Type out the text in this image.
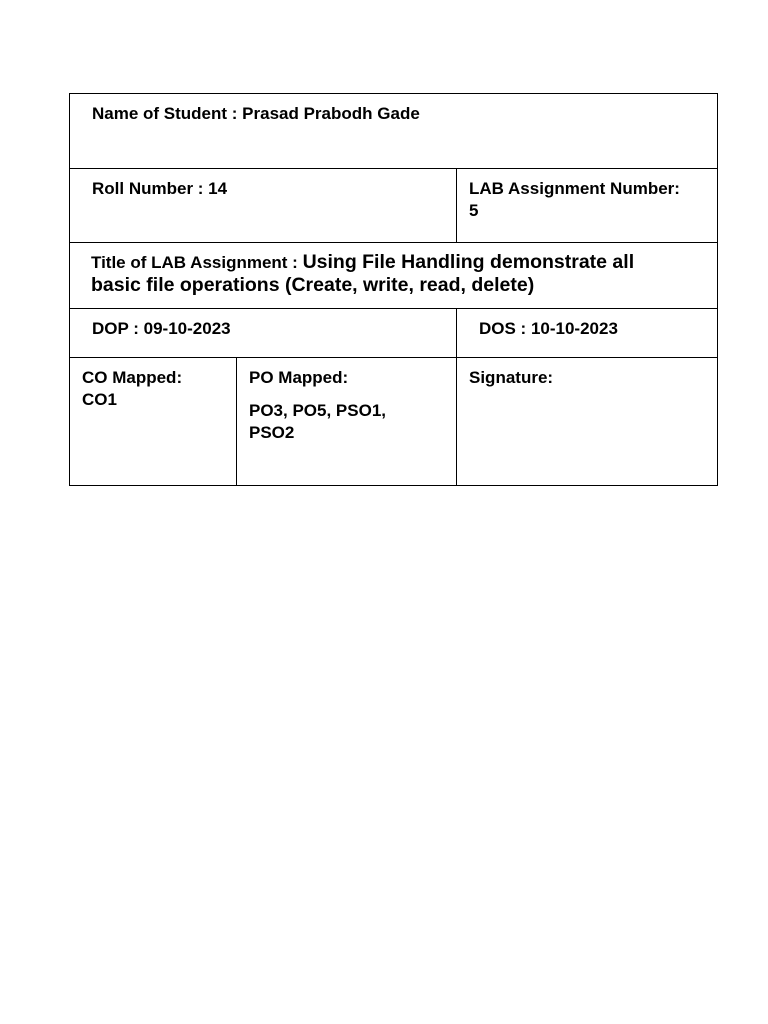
Name of Student : Prasad Prabodh Gade
Roll Number : 14	LAB Assignment Number:
5
Title of LAB Assignment : Using File Handling demonstrate all
basic file operations (Create, write, read, delete)
DOP : 09-10-2023	DOS : 10-10-2023
CO Mapped:
CO1
PO Mapped:
PO3, PO5, PSO1,
PSO2
Signature:
